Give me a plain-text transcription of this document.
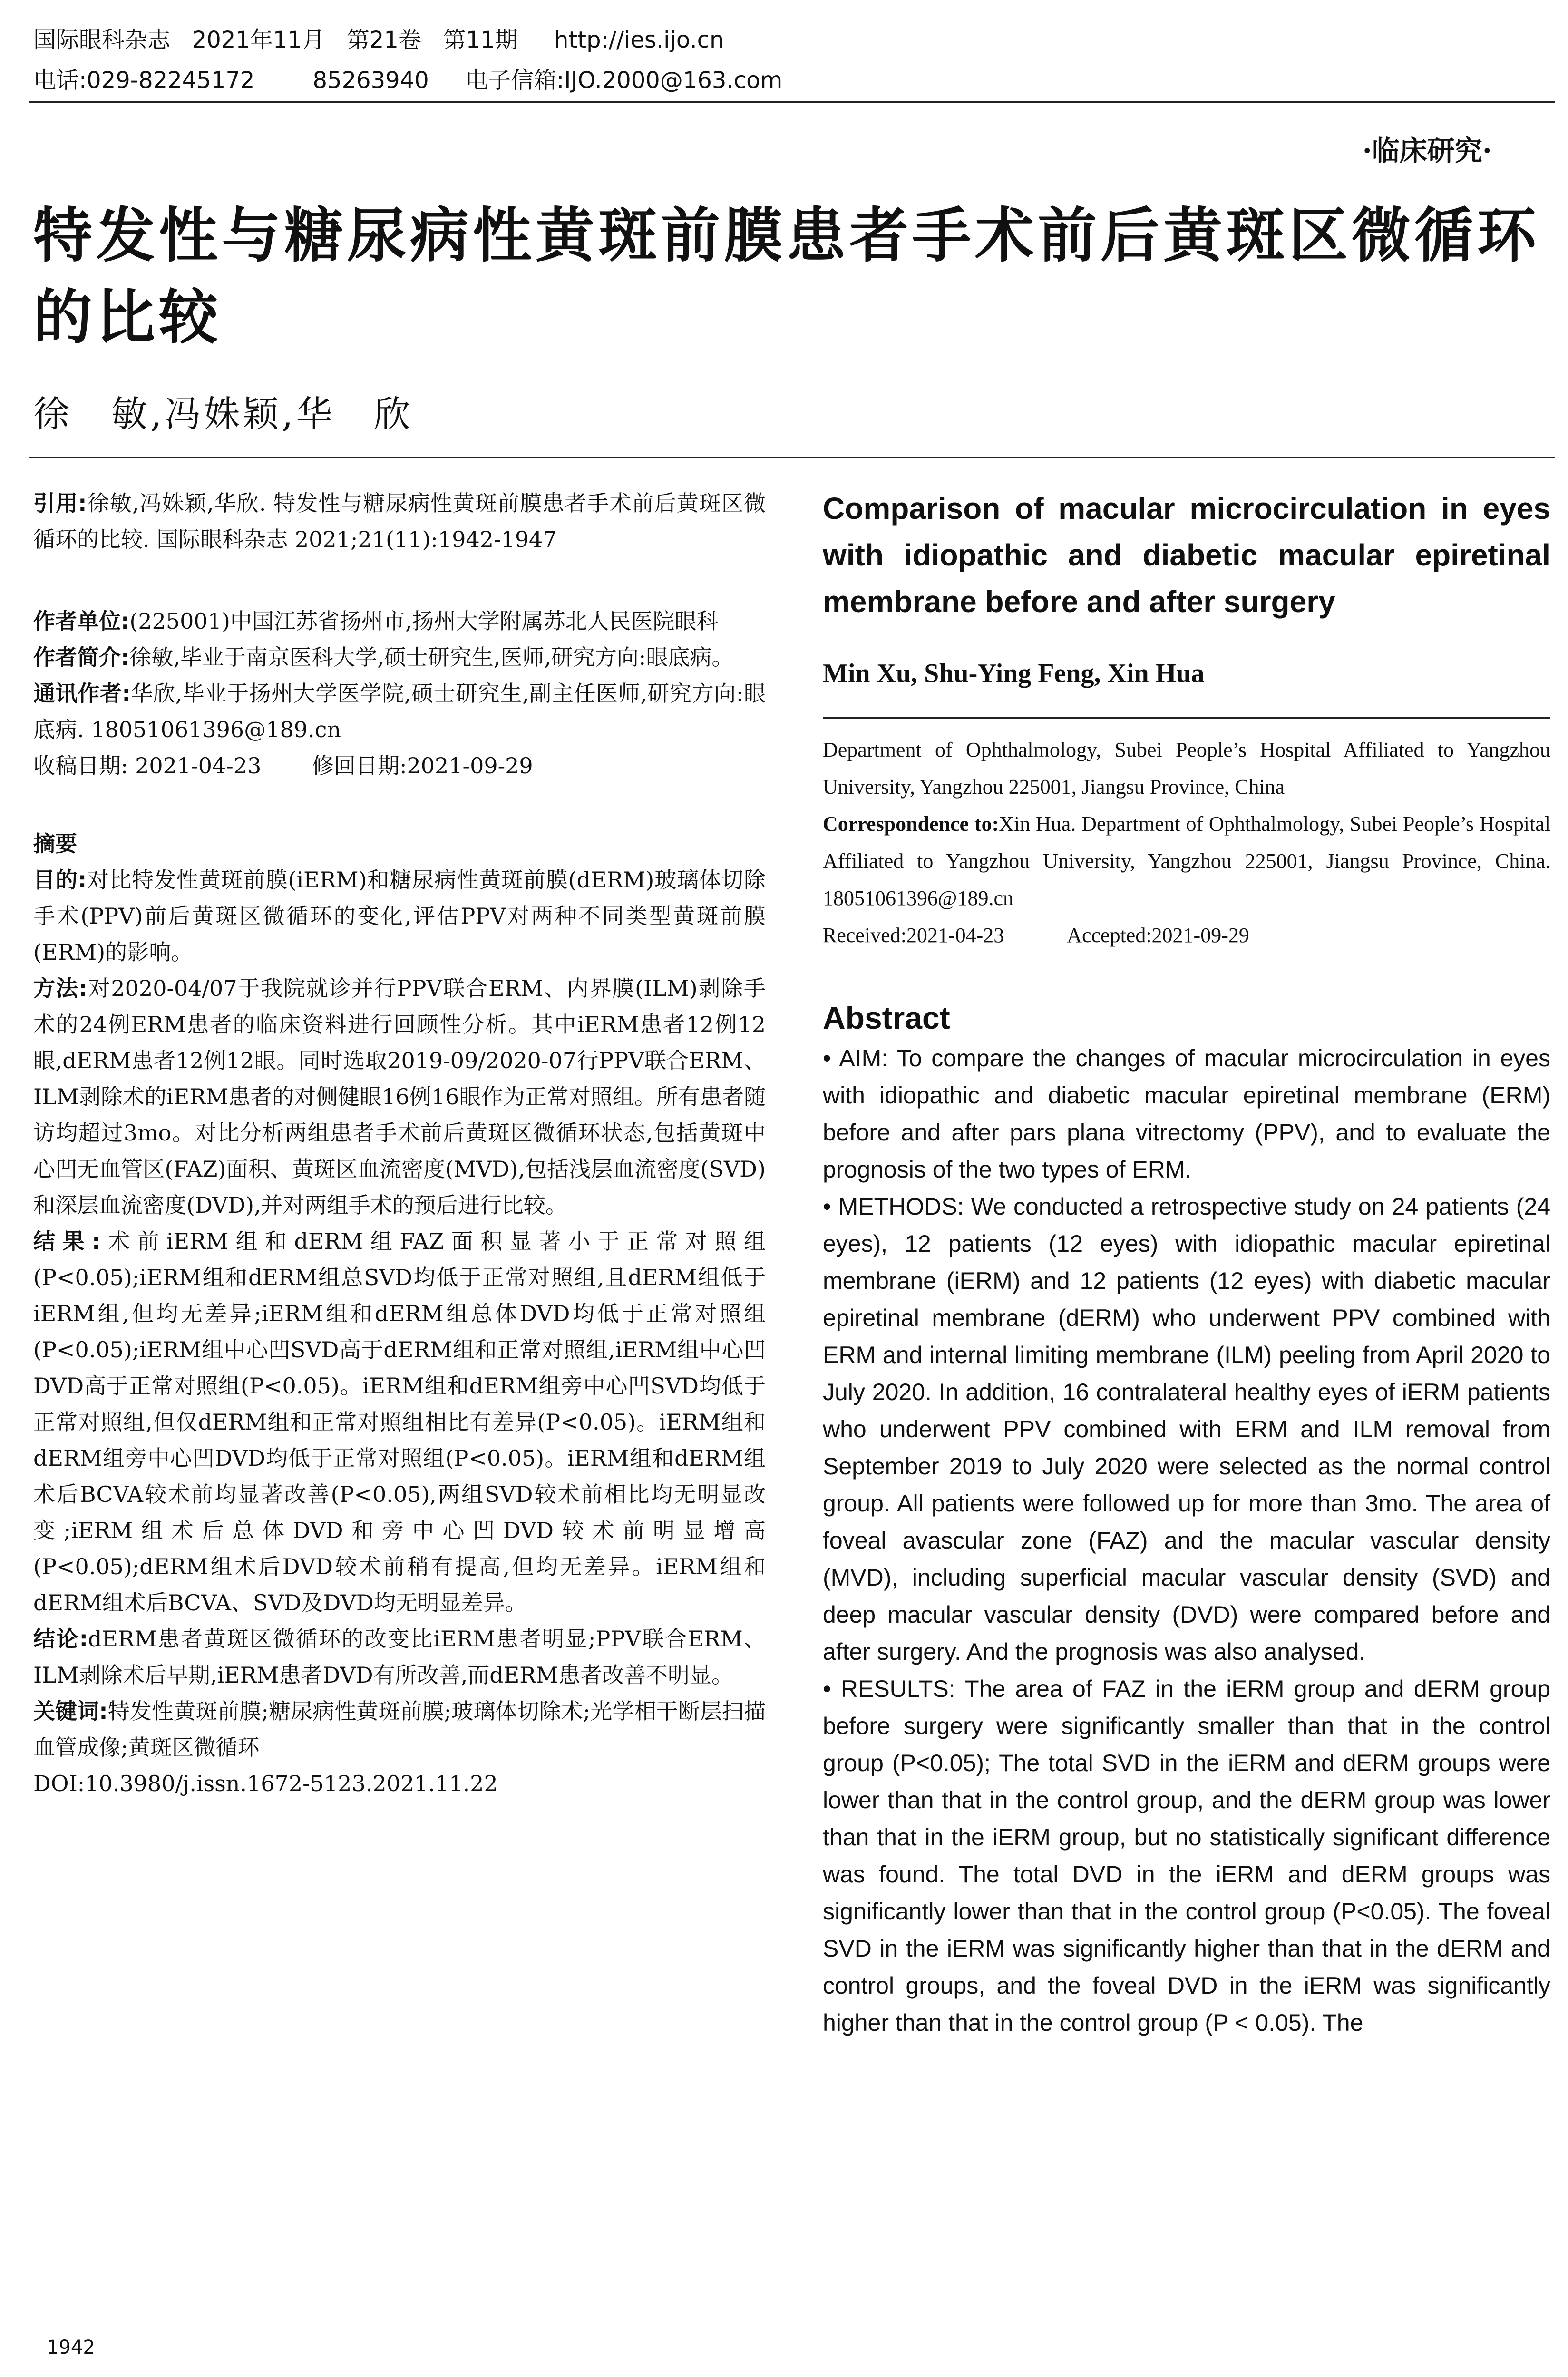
国际眼科杂志   2021年11月   第21卷   第11期     http://ies.ijo.cn
电话:029-82245172        85263940     电子信箱:IJO.2000@163.com
·临床研究·
特发性与糖尿病性黄斑前膜患者手术前后黄斑区微循环的比较
徐　敏,冯姝颖,华　欣

引用:徐敏,冯姝颖,华欣. 特发性与糖尿病性黄斑前膜患者手术前后黄斑区微循环的比较. 国际眼科杂志 2021;21(11):1942-1947

作者单位:(225001)中国江苏省扬州市,扬州大学附属苏北人民医院眼科

作者简介:徐敏,毕业于南京医科大学,硕士研究生,医师,研究方向:眼底病。

通讯作者:华欣,毕业于扬州大学医学院,硕士研究生,副主任医师,研究方向:眼底病. 18051061396@189.cn

收稿日期: 2021-04-23　　 修回日期:2021-09-29

摘要

目的:对比特发性黄斑前膜(iERM)和糖尿病性黄斑前膜(dERM)玻璃体切除手术(PPV)前后黄斑区微循环的变化,评估PPV对两种不同类型黄斑前膜(ERM)的影响。

方法:对2020-04/07于我院就诊并行PPV联合ERM、内界膜(ILM)剥除手术的24例ERM患者的临床资料进行回顾性分析。其中iERM患者12例12眼,dERM患者12例12眼。同时选取2019-09/2020-07行PPV联合ERM、ILM剥除术的iERM患者的对侧健眼16例16眼作为正常对照组。所有患者随访均超过3mo。对比分析两组患者手术前后黄斑区微循环状态,包括黄斑中心凹无血管区(FAZ)面积、黄斑区血流密度(MVD),包括浅层血流密度(SVD)和深层血流密度(DVD),并对两组手术的预后进行比较。

结果:术前iERM组和dERM组FAZ面积显著小于正常对照组(P<0.05);iERM组和dERM组总SVD均低于正常对照组,且dERM组低于iERM组,但均无差异;iERM组和dERM组总体DVD均低于正常对照组(P<0.05);iERM组中心凹SVD高于dERM组和正常对照组,iERM组中心凹DVD高于正常对照组(P<0.05)。iERM组和dERM组旁中心凹SVD均低于正常对照组,但仅dERM组和正常对照组相比有差异(P<0.05)。iERM组和dERM组旁中心凹DVD均低于正常对照组(P<0.05)。iERM组和dERM组术后BCVA较术前均显著改善(P<0.05),两组SVD较术前相比均无明显改变;iERM组术后总体DVD和旁中心凹DVD较术前明显增高(P<0.05);dERM组术后DVD较术前稍有提高,但均无差异。iERM组和dERM组术后BCVA、SVD及DVD均无明显差异。

结论:dERM患者黄斑区微循环的改变比iERM患者明显;PPV联合ERM、ILM剥除术后早期,iERM患者DVD有所改善,而dERM患者改善不明显。

关键词:特发性黄斑前膜;糖尿病性黄斑前膜;玻璃体切除术;光学相干断层扫描血管成像;黄斑区微循环

DOI:10.3980/j.issn.1672-5123.2021.11.22

Comparison of macular microcirculation in eyes with idiopathic and diabetic macular epiretinal membrane before and after surgery

Min Xu, Shu-Ying Feng, Xin Hua

Department of Ophthalmology, Subei People’s Hospital Affiliated to Yangzhou University, Yangzhou 225001, Jiangsu Province, China

Correspondence to:Xin Hua. Department of Ophthalmology, Subei People’s Hospital Affiliated to Yangzhou University, Yangzhou 225001, Jiangsu Province, China. 18051061396@189.cn

Received:2021-04-23　　　Accepted:2021-09-29

Abstract

• AIM: To compare the changes of macular microcirculation in eyes with idiopathic and diabetic macular epiretinal membrane (ERM) before and after pars plana vitrectomy (PPV), and to evaluate the prognosis of the two types of ERM.

• METHODS: We conducted a retrospective study on 24 patients (24 eyes), 12 patients (12 eyes) with idiopathic macular epiretinal membrane (iERM) and 12 patients (12 eyes) with diabetic macular epiretinal membrane (dERM) who underwent PPV combined with ERM and internal limiting membrane (ILM) peeling from April 2020 to July 2020. In addition, 16 contralateral healthy eyes of iERM patients who underwent PPV combined with ERM and ILM removal from September 2019 to July 2020 were selected as the normal control group. All patients were followed up for more than 3mo. The area of foveal avascular zone (FAZ) and the macular vascular density (MVD), including superficial macular vascular density (SVD) and deep macular vascular density (DVD) were compared before and after surgery. And the prognosis was also analysed.

• RESULTS: The area of FAZ in the iERM group and dERM group before surgery were significantly smaller than that in the control group (P<0.05); The total SVD in the iERM and dERM groups were lower than that in the control group, and the dERM group was lower than that in the iERM group, but no statistically significant difference was found. The total DVD in the iERM and dERM groups was significantly lower than that in the control group (P<0.05). The foveal SVD in the iERM was significantly higher than that in the dERM and control groups, and the foveal DVD in the iERM was significantly higher than that in the control group (P < 0.05). The

1942
